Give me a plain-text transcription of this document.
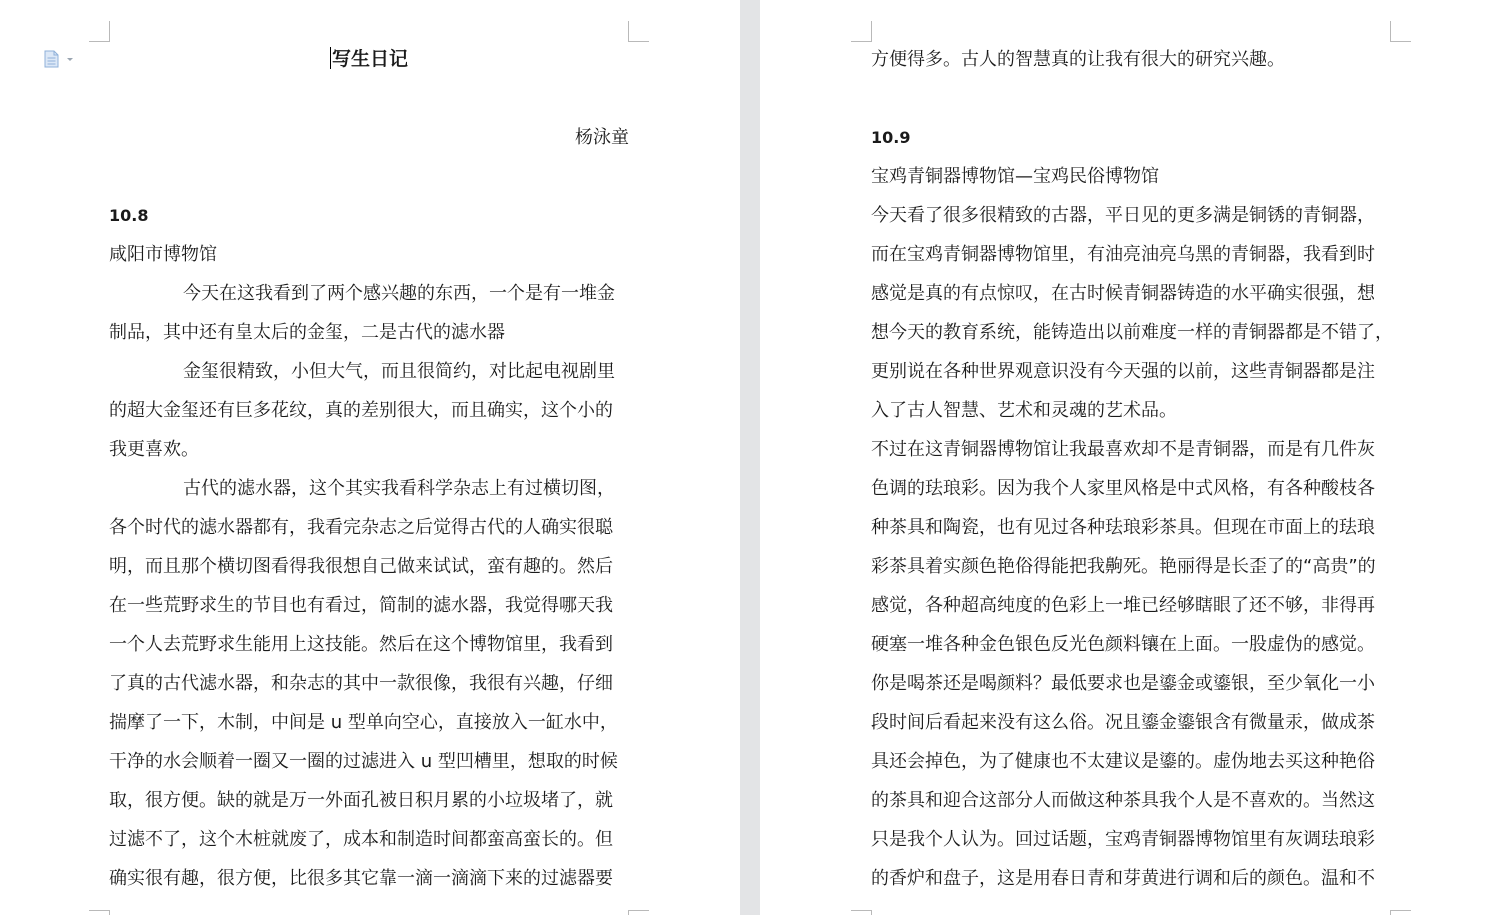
写生日记
杨泳童
10.8
咸阳市博物馆
今天在这我看到了两个感兴趣的东西，一个是有一堆金
制品，其中还有皇太后的金玺，二是古代的滤水器
金玺很精致，小但大气，而且很简约，对比起电视剧里
的超大金玺还有巨多花纹，真的差别很大，而且确实，这个小的
我更喜欢。
古代的滤水器，这个其实我看科学杂志上有过横切图，
各个时代的滤水器都有，我看完杂志之后觉得古代的人确实很聪
明，而且那个横切图看得我很想自己做来试试，蛮有趣的。然后
在一些荒野求生的节目也有看过，简制的滤水器，我觉得哪天我
一个人去荒野求生能用上这技能。然后在这个博物馆里，我看到
了真的古代滤水器，和杂志的其中一款很像，我很有兴趣，仔细
揣摩了一下，木制，中间是 u 型单向空心，直接放入一缸水中，
干净的水会顺着一圈又一圈的过滤进入 u 型凹槽里，想取的时候
取，很方便。缺的就是万一外面孔被日积月累的小垃圾堵了，就
过滤不了，这个木桩就废了，成本和制造时间都蛮高蛮长的。但
确实很有趣，很方便，比很多其它靠一滴一滴滴下来的过滤器要
方便得多。古人的智慧真的让我有很大的研究兴趣。
10.9
宝鸡青铜器博物馆—宝鸡民俗博物馆
今天看了很多很精致的古器，平日见的更多满是铜锈的青铜器，
而在宝鸡青铜器博物馆里，有油亮油亮乌黑的青铜器，我看到时
感觉是真的有点惊叹，在古时候青铜器铸造的水平确实很强，想
想今天的教育系统，能铸造出以前难度一样的青铜器都是不错了，
更别说在各种世界观意识没有今天强的以前，这些青铜器都是注
入了古人智慧、艺术和灵魂的艺术品。
不过在这青铜器博物馆让我最喜欢却不是青铜器，而是有几件灰
色调的珐琅彩。因为我个人家里风格是中式风格，有各种酸枝各
种茶具和陶瓷，也有见过各种珐琅彩茶具。但现在市面上的珐琅
彩茶具着实颜色艳俗得能把我齁死。艳丽得是长歪了的“高贵”的
感觉，各种超高纯度的色彩上一堆已经够瞎眼了还不够，非得再
硬塞一堆各种金色银色反光色颜料镶在上面。一股虚伪的感觉。
你是喝茶还是喝颜料？最低要求也是鎏金或鎏银，至少氧化一小
段时间后看起来没有这么俗。况且鎏金鎏银含有微量汞，做成茶
具还会掉色，为了健康也不太建议是鎏的。虚伪地去买这种艳俗
的茶具和迎合这部分人而做这种茶具我个人是不喜欢的。当然这
只是我个人认为。回过话题，宝鸡青铜器博物馆里有灰调珐琅彩
的香炉和盘子，这是用春日青和芽黄进行调和后的颜色。温和不
